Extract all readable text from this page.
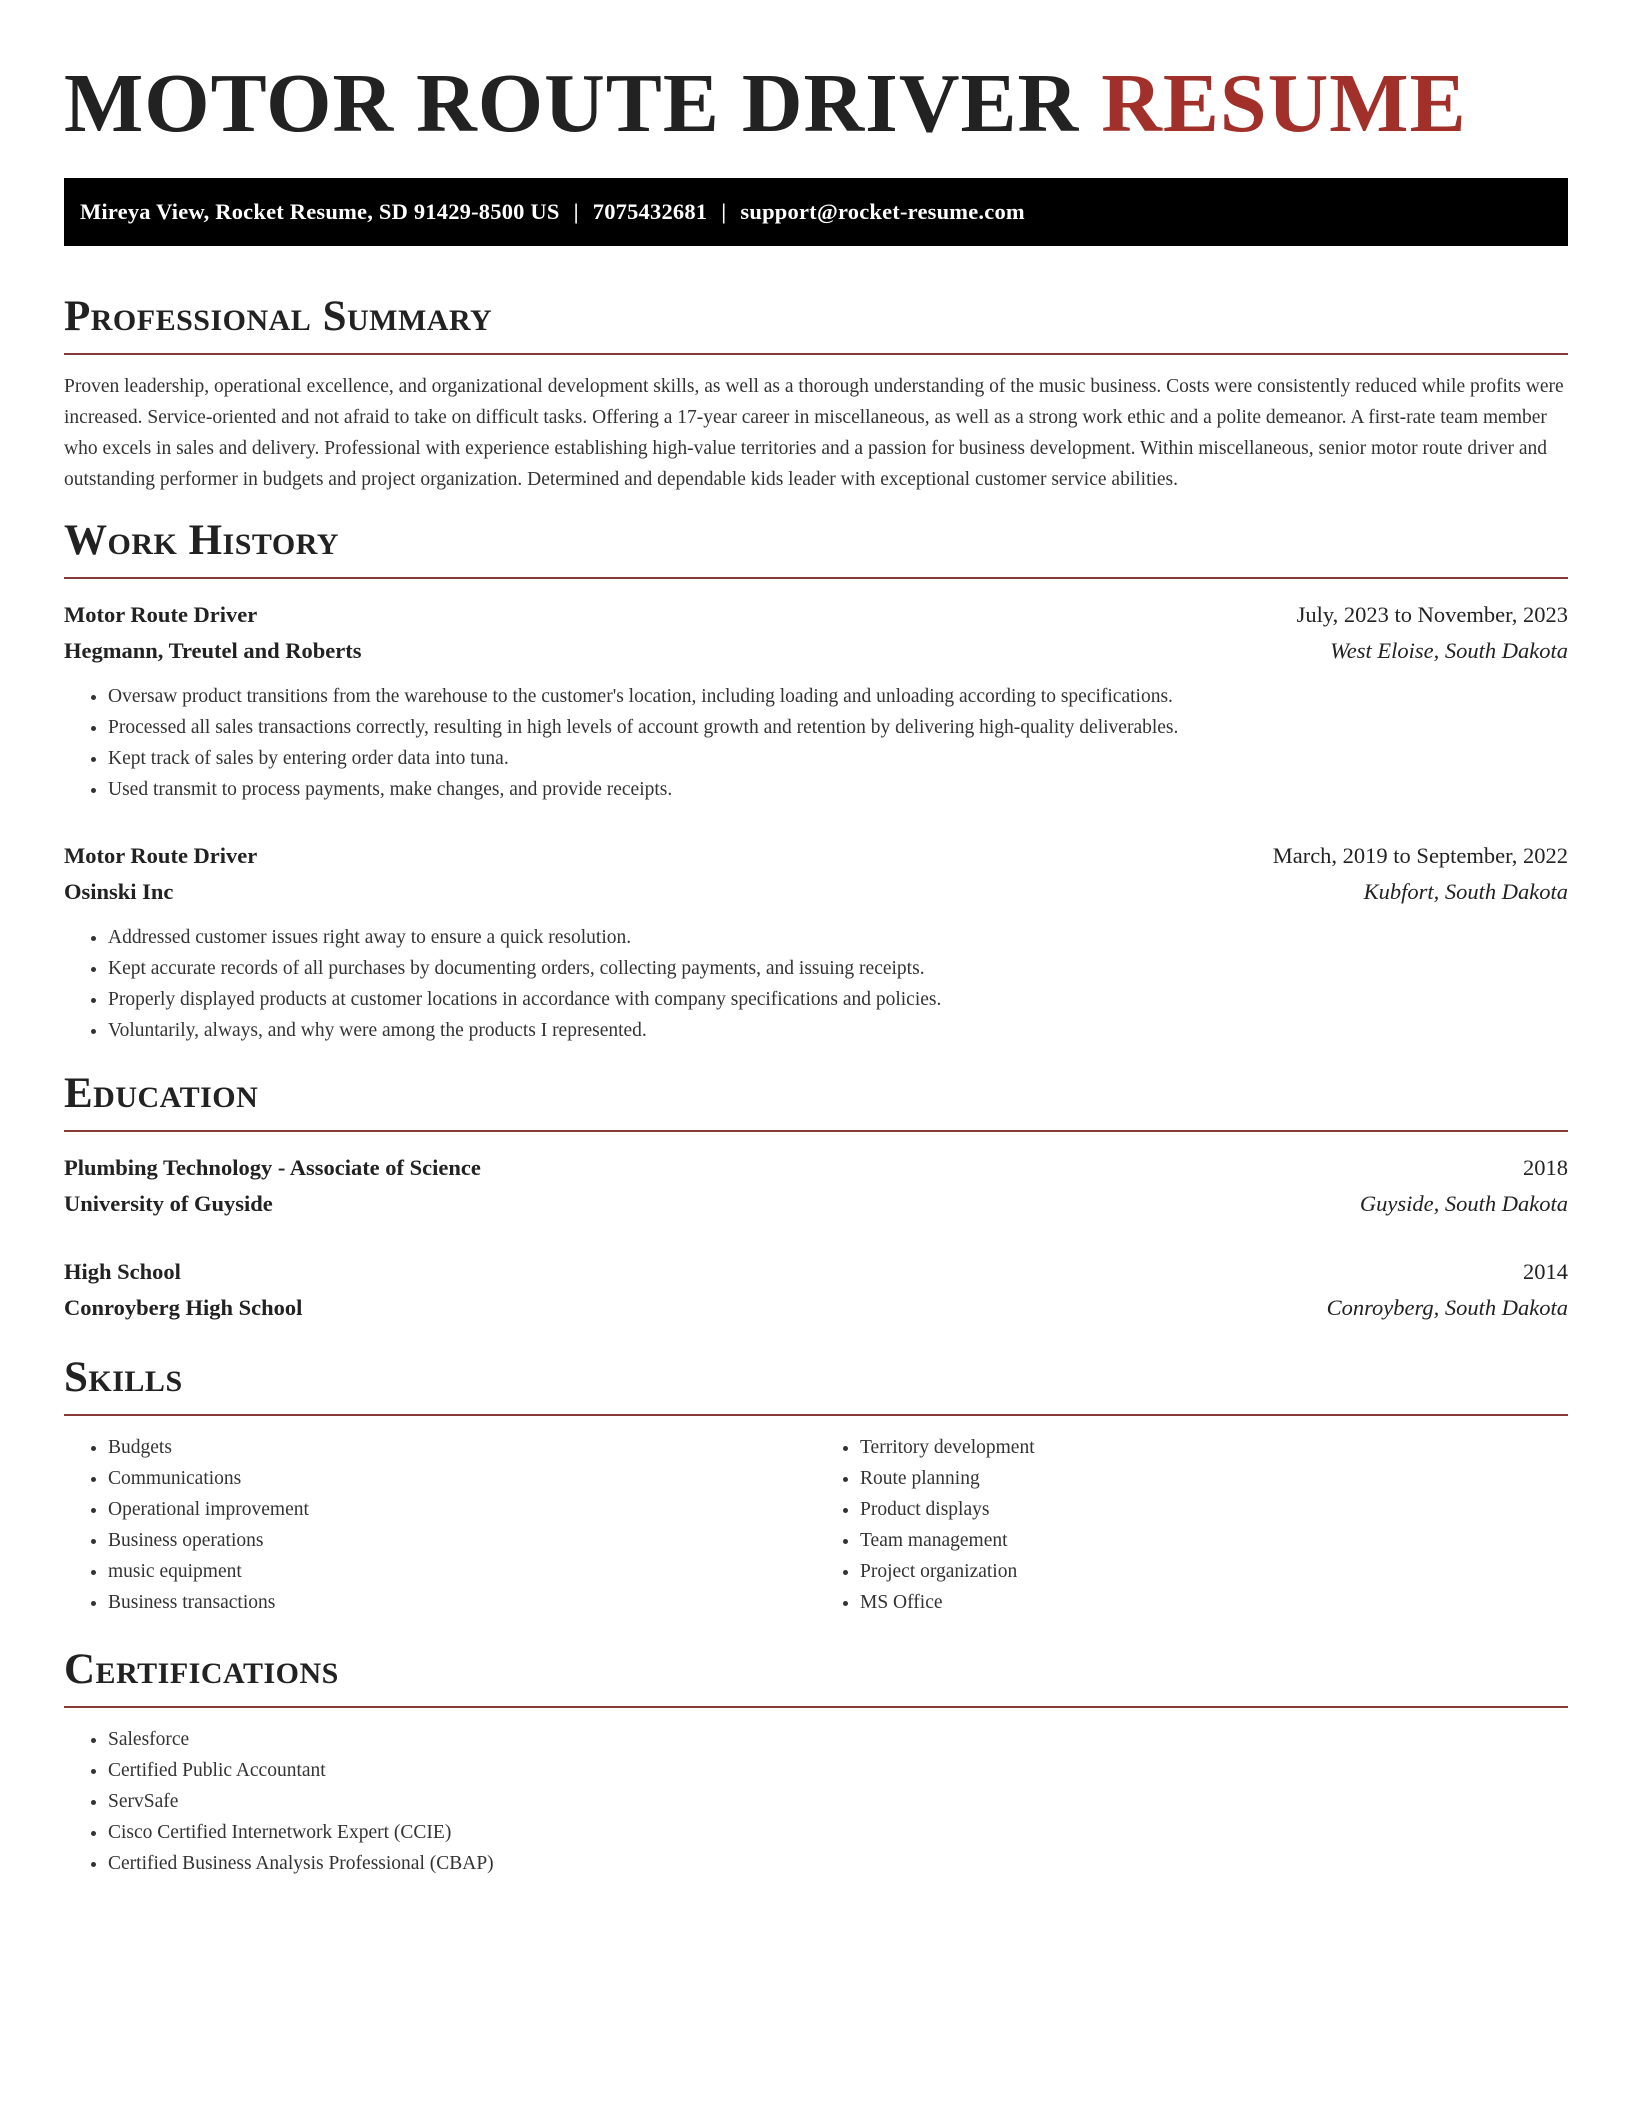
MOTOR ROUTE DRIVER RESUME
Mireya View, Rocket Resume, SD 91429-8500 US | 7075432681 | support@rocket-resume.com
Professional Summary

Proven leadership, operational excellence, and organizational development skills, as well as a thorough understanding of the music business. Costs were consistently reduced while profits were increased. Service-oriented and not afraid to take on difficult tasks. Offering a 17-year career in miscellaneous, as well as a strong work ethic and a polite demeanor. A first-rate team member who excels in sales and delivery. Professional with experience establishing high-value territories and a passion for business development. Within miscellaneous, senior motor route driver and outstanding performer in budgets and project organization. Determined and dependable kids leader with exceptional customer service abilities.

Work History
Motor Route Driver	July, 2023 to November, 2023
Hegmann, Treutel and Roberts	West Eloise, South Dakota
• Oversaw product transitions from the warehouse to the customer's location, including loading and unloading according to specifications.
• Processed all sales transactions correctly, resulting in high levels of account growth and retention by delivering high-quality deliverables.
• Kept track of sales by entering order data into tuna.
• Used transmit to process payments, make changes, and provide receipts.
Motor Route Driver	March, 2019 to September, 2022
Osinski Inc	Kubfort, South Dakota
• Addressed customer issues right away to ensure a quick resolution.
• Kept accurate records of all purchases by documenting orders, collecting payments, and issuing receipts.
• Properly displayed products at customer locations in accordance with company specifications and policies.
• Voluntarily, always, and why were among the products I represented.
Education
Plumbing Technology - Associate of Science	2018
University of Guyside	Guyside, South Dakota
High School	2014
Conroyberg High School	Conroyberg, South Dakota
Skills
• Budgets
• Communications
• Operational improvement
• Business operations
• music equipment
• Business transactions
• Territory development
• Route planning
• Product displays
• Team management
• Project organization
• MS Office
Certifications
• Salesforce
• Certified Public Accountant
• ServSafe
• Cisco Certified Internetwork Expert (CCIE)
• Certified Business Analysis Professional (CBAP)
